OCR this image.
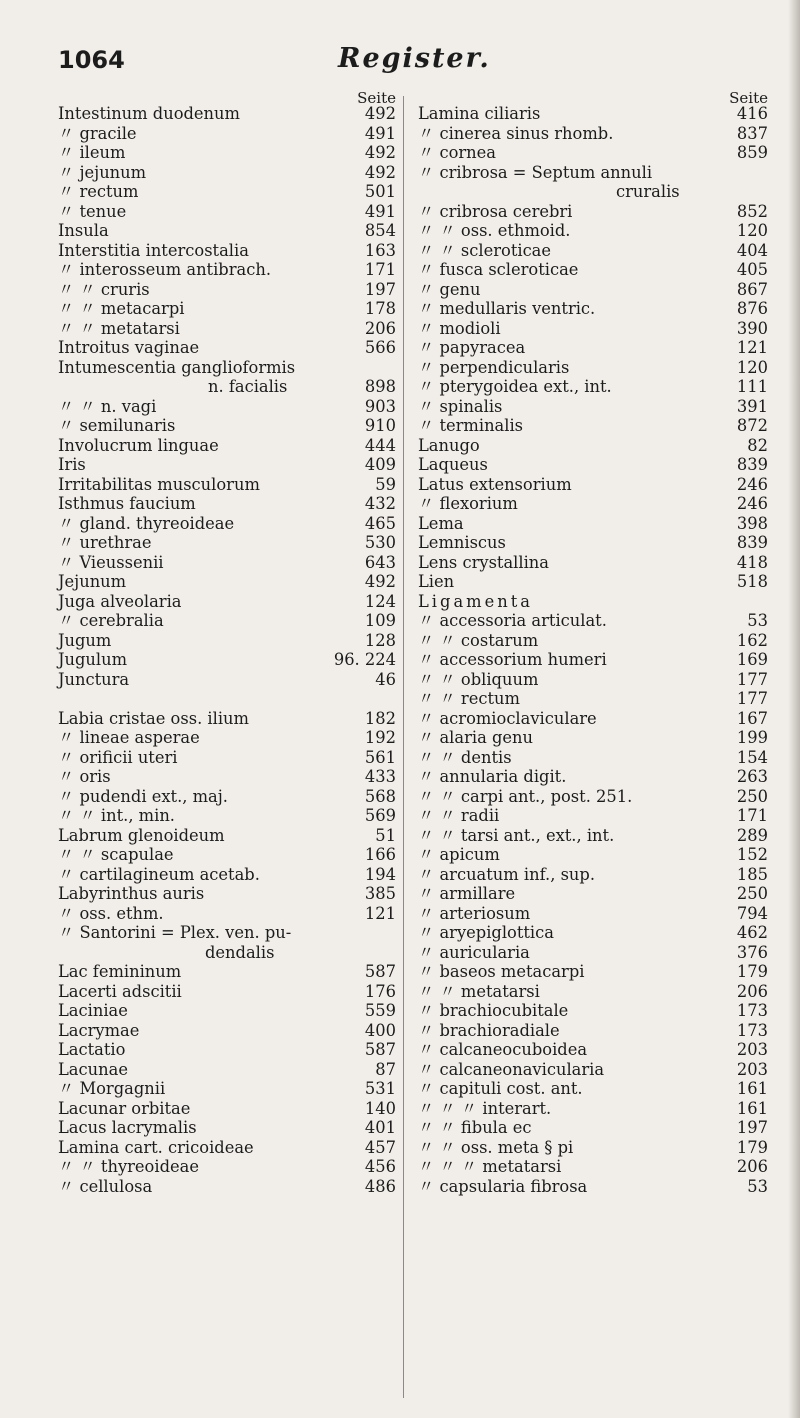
1064	Register.
Seite
Intestinum duodenum	492
〃 gracile	491
〃 ileum	492
〃 jejunum	492
〃 rectum	501
〃 tenue	491
Insula	854
Interstitia intercostalia	163
〃 interosseum antibrach.	171
〃 〃 cruris	197
〃 〃 metacarpi	178
〃 〃 metatarsi	206
Introitus vaginae	566
Intumescentia ganglioformis
n. facialis	898
〃 〃 n. vagi	903
〃 semilunaris	910
Involucrum linguae	444
Iris	409
Irritabilitas musculorum	59
Isthmus faucium	432
〃 gland. thyreoideae	465
〃 urethrae	530
〃 Vieussenii	643
Jejunum	492
Juga alveolaria	124
〃 cerebralia	109
Jugum	128
Jugulum	96. 224
Junctura	46
Labia cristae oss. ilium	182
〃 lineae asperae	192
〃 orificii uteri	561
〃 oris	433
〃 pudendi ext., maj.	568
〃 〃 int., min.	569
Labrum glenoideum	51
〃 〃 scapulae	166
〃 cartilagineum acetab.	194
Labyrinthus auris	385
〃 oss. ethm.	121
〃 Santorini = Plex. ven. pu-
dendalis
Lac femininum	587
Lacerti adscitii	176
Laciniae	559
Lacrymae	400
Lactatio	587
Lacunae	87
〃 Morgagnii	531
Lacunar orbitae	140
Lacus lacrymalis	401
Lamina cart. cricoideae	457
〃 〃 thyreoideae	456
〃 cellulosa	486
Seite
Lamina ciliaris	416
〃 cinerea sinus rhomb.	837
〃 cornea	859
〃 cribrosa = Septum annuli
cruralis
〃 cribrosa cerebri	852
〃 〃 oss. ethmoid.	120
〃 〃 scleroticae	404
〃 fusca scleroticae	405
〃 genu	867
〃 medullaris ventric.	876
〃 modioli	390
〃 papyracea	121
〃 perpendicularis	120
〃 pterygoidea ext., int.	111
〃 spinalis	391
〃 terminalis	872
Lanugo	82
Laqueus	839
Latus extensorium	246
〃 flexorium	246
Lema	398
Lemniscus	839
Lens crystallina	418
Lien	518
Ligamenta
〃 accessoria articulat.	53
〃 〃 costarum	162
〃 accessorium humeri	169
〃 〃 obliquum	177
〃 〃 rectum	177
〃 acromioclaviculare	167
〃 alaria genu	199
〃 〃 dentis	154
〃 annularia digit.	263
〃 〃 carpi ant., post. 251.	250
〃 〃 radii	171
〃 〃 tarsi ant., ext., int.	289
〃 apicum	152
〃 arcuatum inf., sup.	185
〃 armillare	250
〃 arteriosum	794
〃 aryepiglottica	462
〃 auricularia	376
〃 baseos metacarpi	179
〃 〃 metatarsi	206
〃 brachiocubitale	173
〃 brachioradiale	173
〃 calcaneocuboidea	203
〃 calcaneonavicularia	203
〃 capituli cost. ant.	161
〃 〃 〃 interart.	161
〃 〃 fibula ec	197
〃 〃 oss. meta § pi	179
〃 〃 〃 metatarsi	206
〃 capsularia fibrosa	53
